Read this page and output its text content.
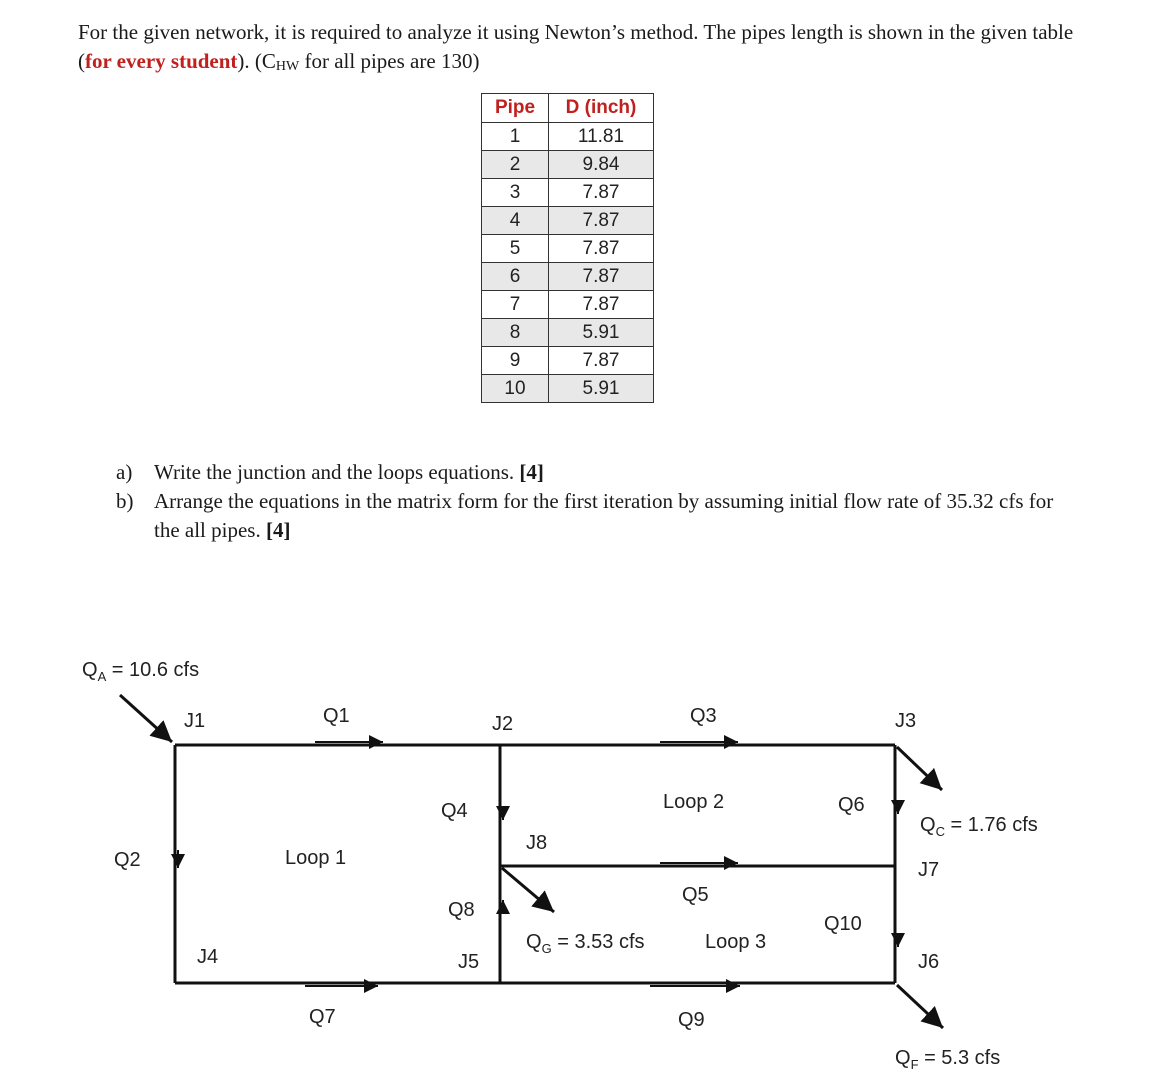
For the given network, it is required to analyze it using Newton’s method. The pipes length is shown in the given table (for every student). ($C_{HW}$ for all pipes are 130)
Pipe	D (inch)
1	11.81
2	9.84
3	7.87
4	7.87
5	7.87
6	7.87
7	7.87
8	5.91
9	7.87
10	5.91
a) Write the junction and the loops equations. [4]
b) Arrange the equations in the matrix form for the first iteration by assuming initial flow rate of 35.32 cfs for the all pipes. [4]
J1	J2	J3
J4	J5	J6
J7
J8
Q1
Q2
Q3
Q4
Q5
Q6
Q7
Q8
Q9
Q10
Loop 1
Loop 2
Loop 3
$Q_A = 10.6$ cfs
$Q_C = 1.76$ cfs
$Q_G = 3.53$ cfs
$Q_F = 5.3$ cfs
